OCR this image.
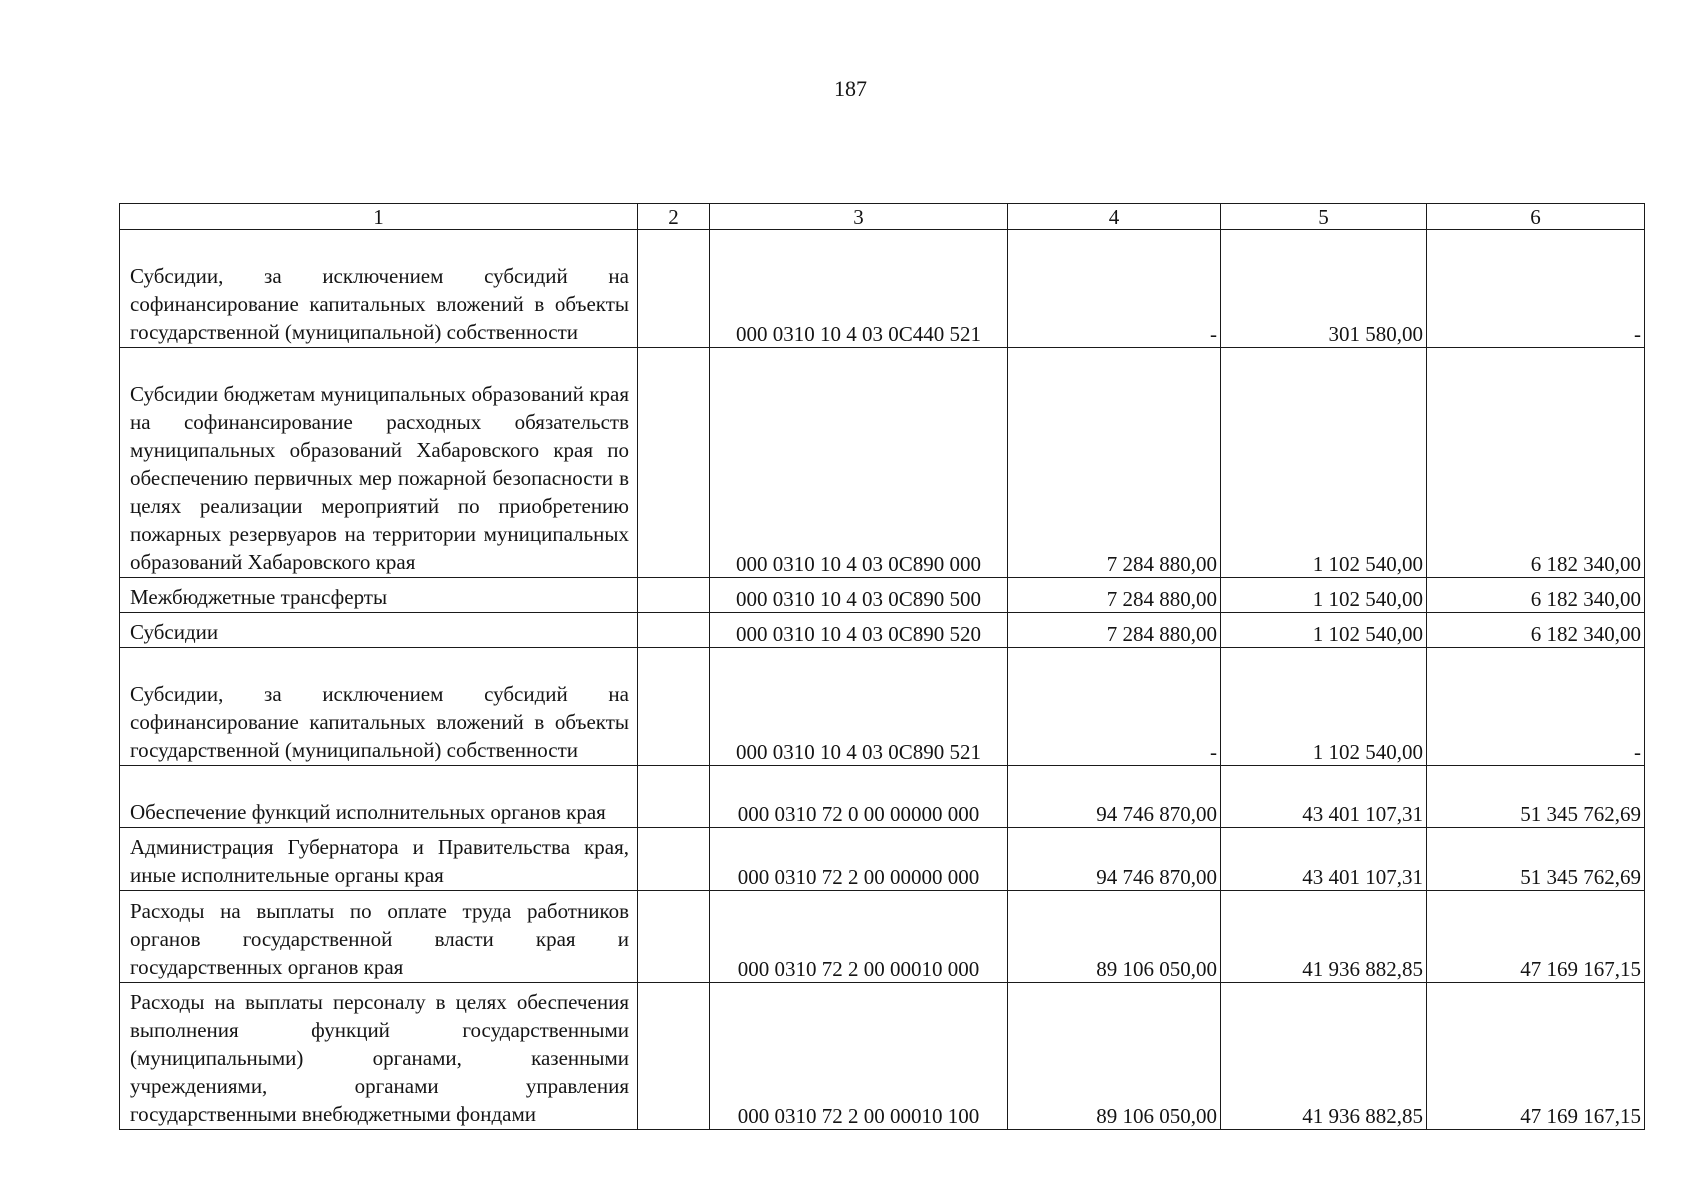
187
1	2	3	4	5	6
Субсидии, за исключением субсидий на софинансирование капитальных вложений в объекты государственной (муниципальной) собственности		000 0310 10 4 03 0С440 521	-	301 580,00	-
Субсидии бюджетам муниципальных образований края на софинансирование расходных обязательств муниципальных образований Хабаровского края по обеспечению первичных мер пожарной безопасности в целях реализации мероприятий по приобретению пожарных резервуаров на территории муниципальных образований Хабаровского края		000 0310 10 4 03 0С890 000	7 284 880,00	1 102 540,00	6 182 340,00
Межбюджетные трансферты		000 0310 10 4 03 0С890 500	7 284 880,00	1 102 540,00	6 182 340,00
Субсидии		000 0310 10 4 03 0С890 520	7 284 880,00	1 102 540,00	6 182 340,00
Субсидии, за исключением субсидий на софинансирование капитальных вложений в объекты государственной (муниципальной) собственности		000 0310 10 4 03 0С890 521	-	1 102 540,00	-
Обеспечение функций исполнительных органов края		000 0310 72 0 00 00000 000	94 746 870,00	43 401 107,31	51 345 762,69
Администрация Губернатора и Правительства края, иные исполнительные органы края		000 0310 72 2 00 00000 000	94 746 870,00	43 401 107,31	51 345 762,69
Расходы на выплаты по оплате труда работников органов государственной власти края и государственных органов края		000 0310 72 2 00 00010 000	89 106 050,00	41 936 882,85	47 169 167,15
Расходы на выплаты персоналу в целях обеспечения выполнения функций государственными (муниципальными) органами, казенными учреждениями, органами управления государственными внебюджетными фондами		000 0310 72 2 00 00010 100	89 106 050,00	41 936 882,85	47 169 167,15
